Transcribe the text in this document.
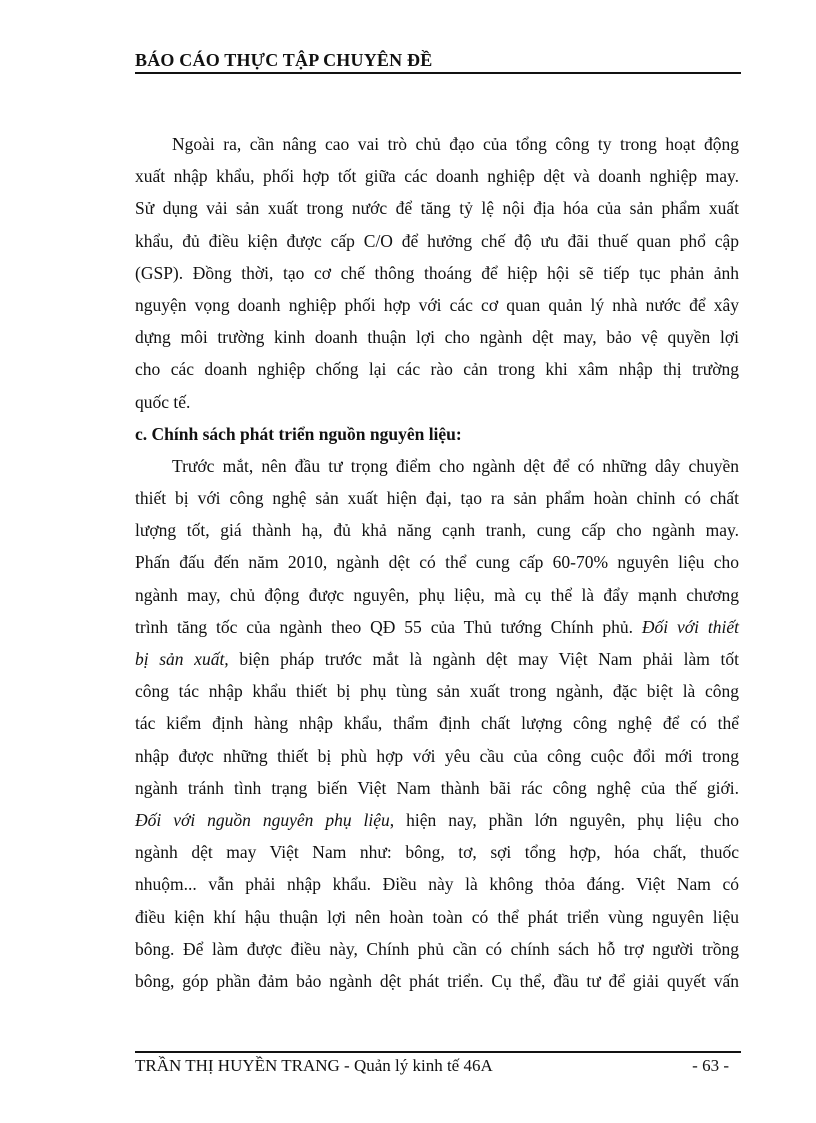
BÁO CÁO THỰC TẬP CHUYÊN ĐỀ
Ngoài ra, cần nâng cao vai trò chủ đạo của tổng công ty trong hoạt động
xuất nhập khẩu, phối hợp tốt giữa các doanh nghiệp dệt và doanh nghiệp may.
Sử dụng vải sản xuất trong nước để tăng tỷ lệ nội địa hóa của sản phẩm xuất
khẩu, đủ điều kiện được cấp C/O để hưởng chế độ ưu đãi thuế quan phổ cập
(GSP). Đồng thời, tạo cơ chế thông thoáng để hiệp hội sẽ tiếp tục phản ảnh
nguyện vọng doanh nghiệp phối hợp với các cơ quan quản lý nhà nước để xây
dựng môi trường kinh doanh thuận lợi cho ngành dệt may, bảo vệ quyền lợi
cho các doanh nghiệp chống lại các rào cản trong khi xâm nhập thị trường
quốc tế.
c. Chính sách phát triển nguồn nguyên liệu:
Trước mắt, nên đầu tư trọng điểm cho ngành dệt để có những dây chuyền
thiết bị với công nghệ sản xuất hiện đại, tạo ra sản phẩm hoàn chỉnh có chất
lượng tốt, giá thành hạ, đủ khả năng cạnh tranh, cung cấp cho ngành may.
Phấn đấu đến năm 2010, ngành dệt có thể cung cấp 60-70% nguyên liệu cho
ngành may, chủ động được nguyên, phụ liệu, mà cụ thể là đẩy mạnh chương
trình tăng tốc của ngành theo QĐ 55 của Thủ tướng Chính phủ. Đối với thiết
bị sản xuất, biện pháp trước mắt là ngành dệt may Việt Nam phải làm tốt
công tác nhập khẩu thiết bị phụ tùng sản xuất trong ngành, đặc biệt là công
tác kiểm định hàng nhập khẩu, thẩm định chất lượng công nghệ để có thể
nhập được những thiết bị phù hợp với yêu cầu của công cuộc đổi mới trong
ngành tránh tình trạng biến Việt Nam thành bãi rác công nghệ của thế giới.
Đối với nguồn nguyên phụ liệu, hiện nay, phần lớn nguyên, phụ liệu cho
ngành dệt may Việt Nam như: bông, tơ, sợi tổng hợp, hóa chất, thuốc
nhuộm... vẫn phải nhập khẩu. Điều này là không thỏa đáng. Việt Nam có
điều kiện khí hậu thuận lợi nên hoàn toàn có thể phát triển vùng nguyên liệu
bông. Để làm được điều này, Chính phủ cần có chính sách hỗ trợ người trồng
bông, góp phần đảm bảo ngành dệt phát triển. Cụ thể, đầu tư để giải quyết vấn
TRẦN THỊ HUYỀN TRANG - Quản lý kinh tế 46A	- 63 -
